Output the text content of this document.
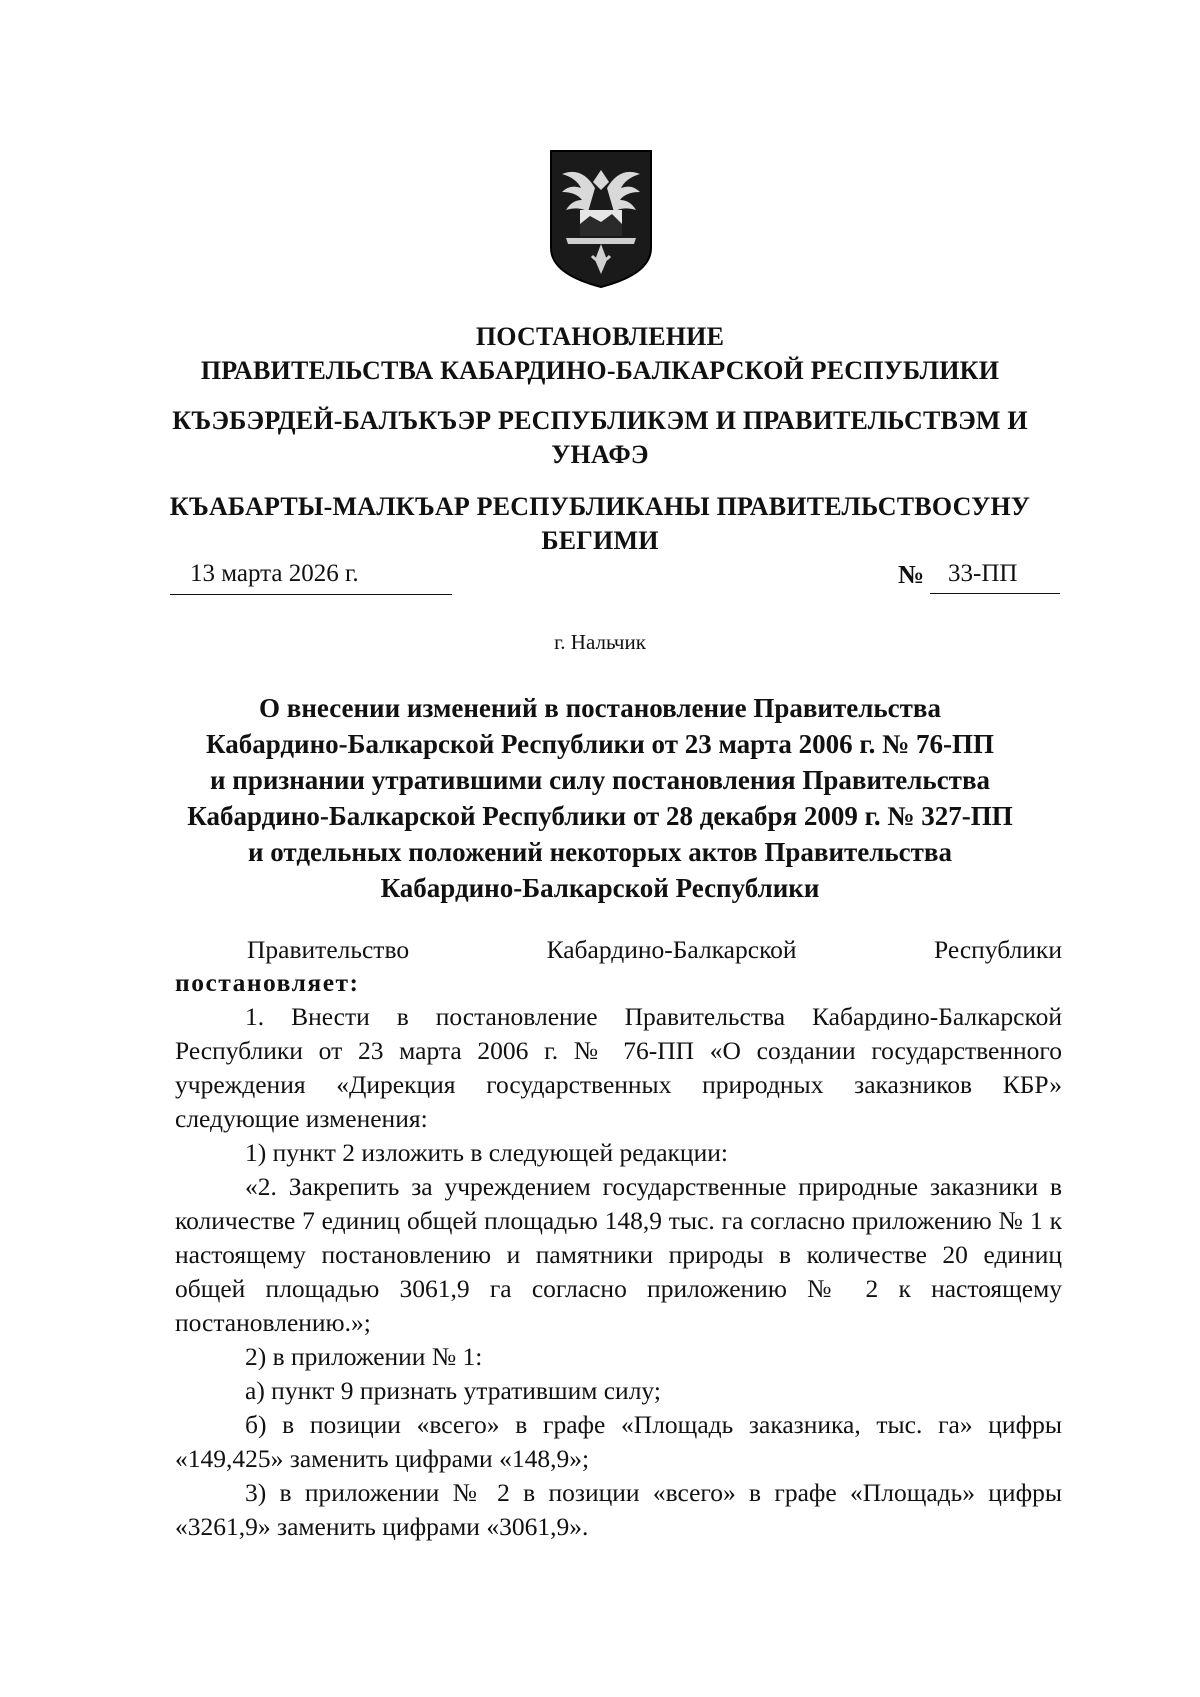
ПОСТАНОВЛЕНИЕ
ПРАВИТЕЛЬСТВА КАБАРДИНО-БАЛКАРСКОЙ РЕСПУБЛИКИ
КЪЭБЭРДЕЙ-БАЛЪКЪЭР РЕСПУБЛИКЭМ И ПРАВИТЕЛЬСТВЭМ И
УНАФЭ
КЪАБАРТЫ-МАЛКЪАР РЕСПУБЛИКАНЫ ПРАВИТЕЛЬСТВОСУНУ
БЕГИМИ
13 марта 2026 г.	№ 33-ПП
г. Нальчик
О внесении изменений в постановление Правительства
Кабардино-Балкарской Республики от 23 марта 2006 г. № 76-ПП
и признании утратившими силу постановления Правительства
Кабардино-Балкарской Республики от 28 декабря 2009 г. № 327-ПП
и отдельных положений некоторых актов Правительства
Кабардино-Балкарской Республики
Правительство	Кабардино-Балкарской	Республики
постановляет:

1. Внести в постановление Правительства Кабардино-Балкарской Республики от 23 марта 2006 г. № 76-ПП «О создании государственного учреждения «Дирекция государственных природных заказников КБР» следующие изменения:

1) пункт 2 изложить в следующей редакции:

«2. Закрепить за учреждением государственные природные заказники в количестве 7 единиц общей площадью 148,9 тыс. га согласно приложению № 1 к настоящему постановлению и памятники природы в количестве 20 единиц общей площадью 3061,9 га согласно приложению № 2 к настоящему постановлению.»;

2) в приложении № 1:

а) пункт 9 признать утратившим силу;

б) в позиции «всего» в графе «Площадь заказника, тыс. га» цифры «149,425» заменить цифрами «148,9»;

3) в приложении № 2 в позиции «всего» в графе «Площадь» цифры «3261,9» заменить цифрами «3061,9».
